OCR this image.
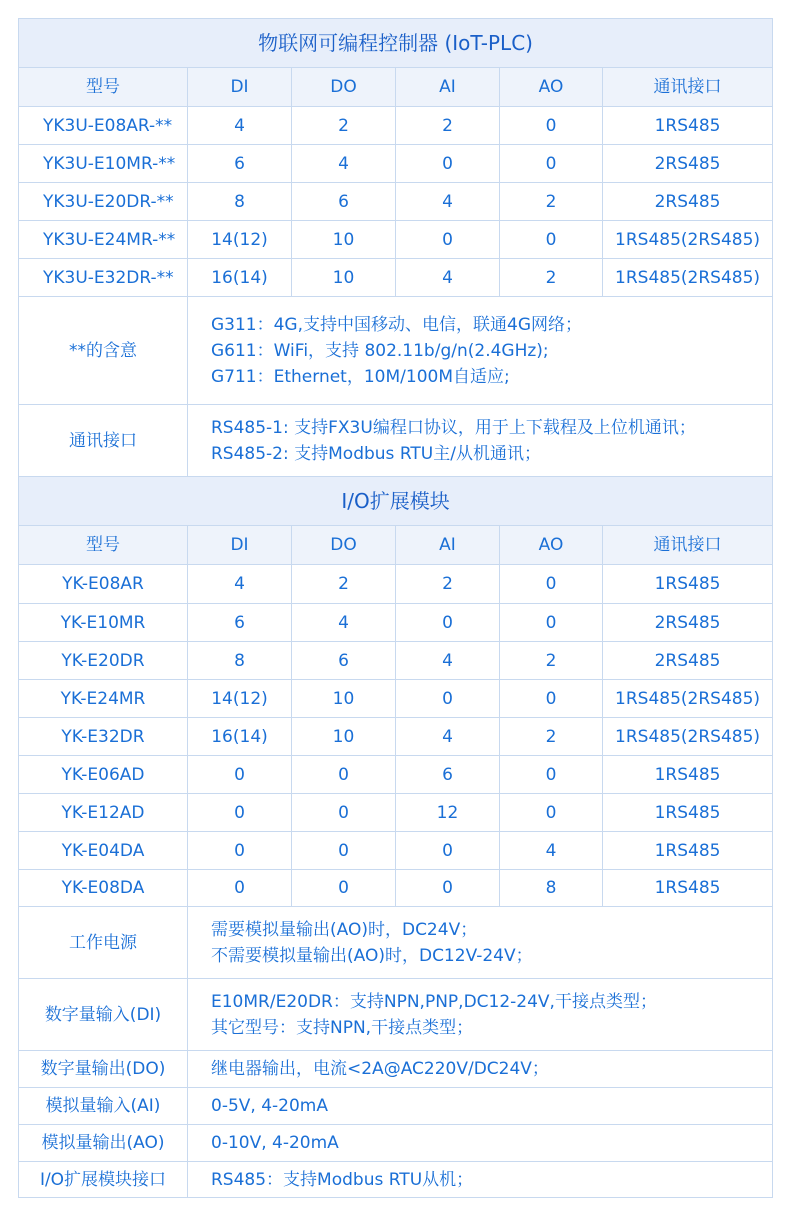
物联网可编程控制器 (IoT-PLC)					
型号	DI	DO	AI	AO	通讯接口
YK3U-E08AR-**	4	2	2	0	1RS485
YK3U-E10MR-**	6	4	0	0	2RS485
YK3U-E20DR-**	8	6	4	2	2RS485
YK3U-E24MR-**	14(12)	10	0	0	1RS485(2RS485)
YK3U-E32DR-**	16(14)	10	4	2	1RS485(2RS485)
**的含意	G311：4G,支持中国移动、电信，联通4G网络；
G611：WiFi，支持 802.11b/g/n(2.4GHz);
G711：Ethernet，10M/100M自适应;				

通讯接口	RS485-1: 支持FX3U编程口协议，用于上下载程及上位机通讯；
RS485-2: 支持Modbus RTU主/从机通讯；				
I/O扩展模块					
型号	DI	DO	AI	AO	通讯接口
YK-E08AR	4	2	2	0	1RS485
YK-E10MR	6	4	0	0	2RS485
YK-E20DR	8	6	4	2	2RS485
YK-E24MR	14(12)	10	0	0	1RS485(2RS485)
YK-E32DR	16(14)	10	4	2	1RS485(2RS485)
YK-E06AD	0	0	6	0	1RS485
YK-E12AD	0	0	12	0	1RS485
YK-E04DA	0	0	0	4	1RS485
YK-E08DA	0	0	0	8	1RS485
工作电源	需要模拟量输出(AO)时，DC24V；
不需要模拟量输出(AO)时，DC12V-24V；				

数字量输入(DI)	E10MR/E20DR：支持NPN,PNP,DC12-24V,干接点类型；
其它型号：支持NPN,干接点类型；				

数字量输出(DO)	继电器输出，电流<2A@AC220V/DC24V；				

模拟量输入(AI)	0-5V, 4-20mA				

模拟量输出(AO)	0-10V, 4-20mA				

I/O扩展模块接口	RS485：支持Modbus RTU从机；				
